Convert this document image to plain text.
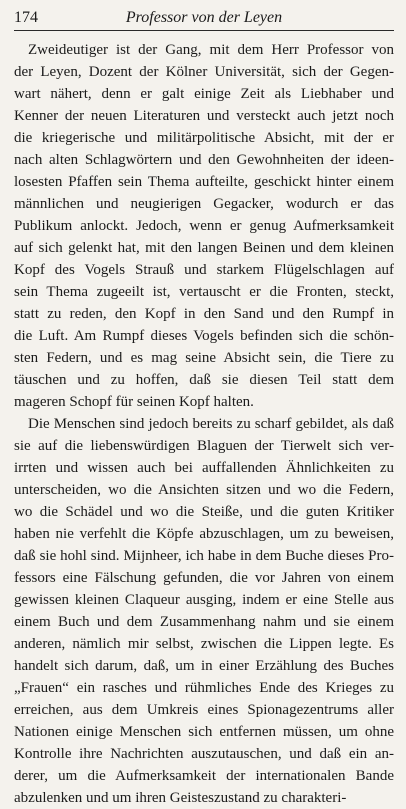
174	Professor von der Leyen

Zweideutiger ist der Gang, mit dem Herr Professor von
der Leyen, Dozent der Kölner Universität, sich der Gegen-
wart nähert, denn er galt einige Zeit als Liebhaber und
Kenner der neuen Literaturen und versteckt auch jetzt noch
die kriegerische und militärpolitische Absicht, mit der er
nach alten Schlagwörtern und den Gewohnheiten der ideen-
losesten Pfaffen sein Thema aufteilte, geschickt hinter einem
männlichen und neugierigen Gegacker, wodurch er das
Publikum anlockt. Jedoch, wenn er genug Aufmerksamkeit
auf sich gelenkt hat, mit den langen Beinen und dem kleinen
Kopf des Vogels Strauß und starkem Flügelschlagen auf
sein Thema zugeeilt ist, vertauscht er die Fronten, steckt,
statt zu reden, den Kopf in den Sand und den Rumpf in
die Luft. Am Rumpf dieses Vogels befinden sich die schön-
sten Federn, und es mag seine Absicht sein, die Tiere zu
täuschen und zu hoffen, daß sie diesen Teil statt dem
mageren Schopf für seinen Kopf halten.

Die Menschen sind jedoch bereits zu scharf gebildet, als daß
sie auf die liebenswürdigen Blaguen der Tierwelt sich ver-
irrten und wissen auch bei auffallenden Ähnlichkeiten zu
unterscheiden, wo die Ansichten sitzen und wo die Federn,
wo die Schädel und wo die Steiße, und die guten Kritiker
haben nie verfehlt die Köpfe abzuschlagen, um zu beweisen,
daß sie hohl sind. Mijnheer, ich habe in dem Buche dieses Pro-
fessors eine Fälschung gefunden, die vor Jahren von einem
gewissen kleinen Claqueur ausging, indem er eine Stelle aus
einem Buch und dem Zusammenhang nahm und sie einem
anderen, nämlich mir selbst, zwischen die Lippen legte. Es
handelt sich darum, daß, um in einer Erzählung des Buches
„Frauen“ ein rasches und rühmliches Ende des Krieges zu
erreichen, aus dem Umkreis eines Spionagezentrums aller
Nationen einige Menschen sich entfernen müssen, um ohne
Kontrolle ihre Nachrichten auszutauschen, und daß ein an-
derer, um die Aufmerksamkeit der internationalen Bande
abzulenken und um ihren Geisteszustand zu charakteri-
